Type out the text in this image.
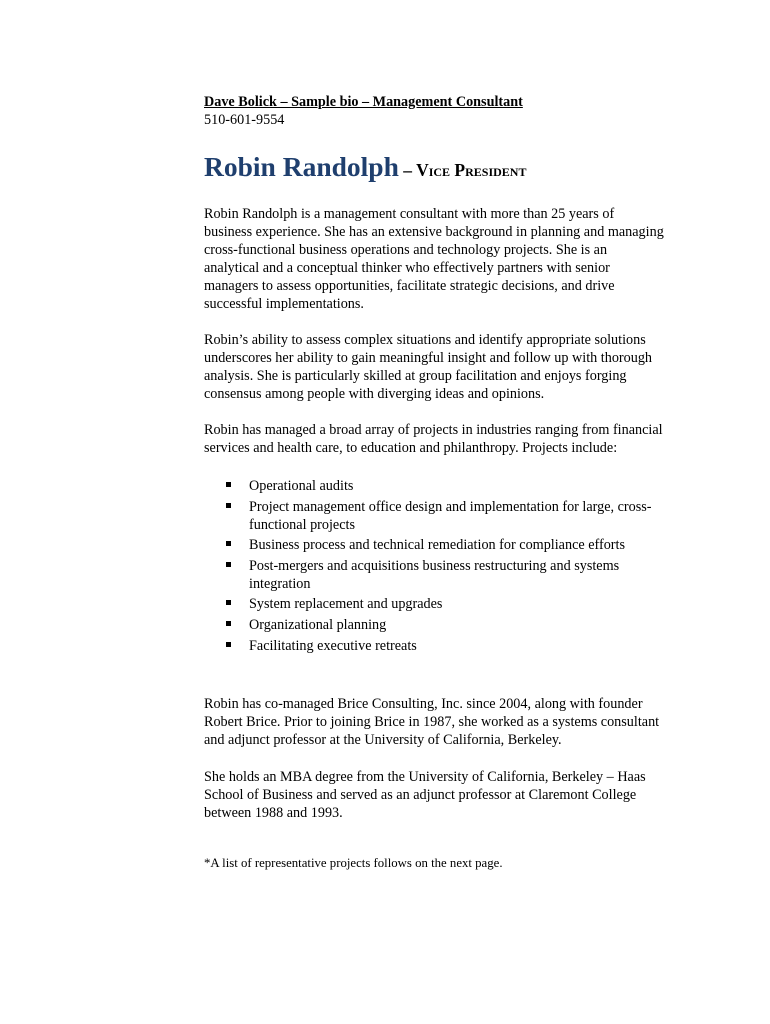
Dave Bolick – Sample bio – Management Consultant

510-601-9554

Robin Randolph – Vice President

Robin Randolph is a management consultant with more than 25 years of business experience. She has an extensive background in planning and managing cross-functional business operations and technology projects. She is an analytical and a conceptual thinker who effectively partners with senior managers to assess opportunities, facilitate strategic decisions, and drive successful implementations.

Robin’s ability to assess complex situations and identify appropriate solutions underscores her ability to gain meaningful insight and follow up with thorough analysis. She is particularly skilled at group facilitation and enjoys forging consensus among people with diverging ideas and opinions.

Robin has managed a broad array of projects in industries ranging from financial services and health care, to education and philanthropy. Projects include:

Operational audits
Project management office design and implementation for large, cross-functional projects
Business process and technical remediation for compliance efforts
Post-mergers and acquisitions business restructuring and systems integration
System replacement and upgrades
Organizational planning
Facilitating executive retreats

Robin has co-managed Brice Consulting, Inc. since 2004, along with founder Robert Brice. Prior to joining Brice in 1987, she worked as a systems consultant and adjunct professor at the University of California, Berkeley.

She holds an MBA degree from the University of California, Berkeley – Haas School of Business and served as an adjunct professor at Claremont College between 1988 and 1993.

*A list of representative projects follows on the next page.
